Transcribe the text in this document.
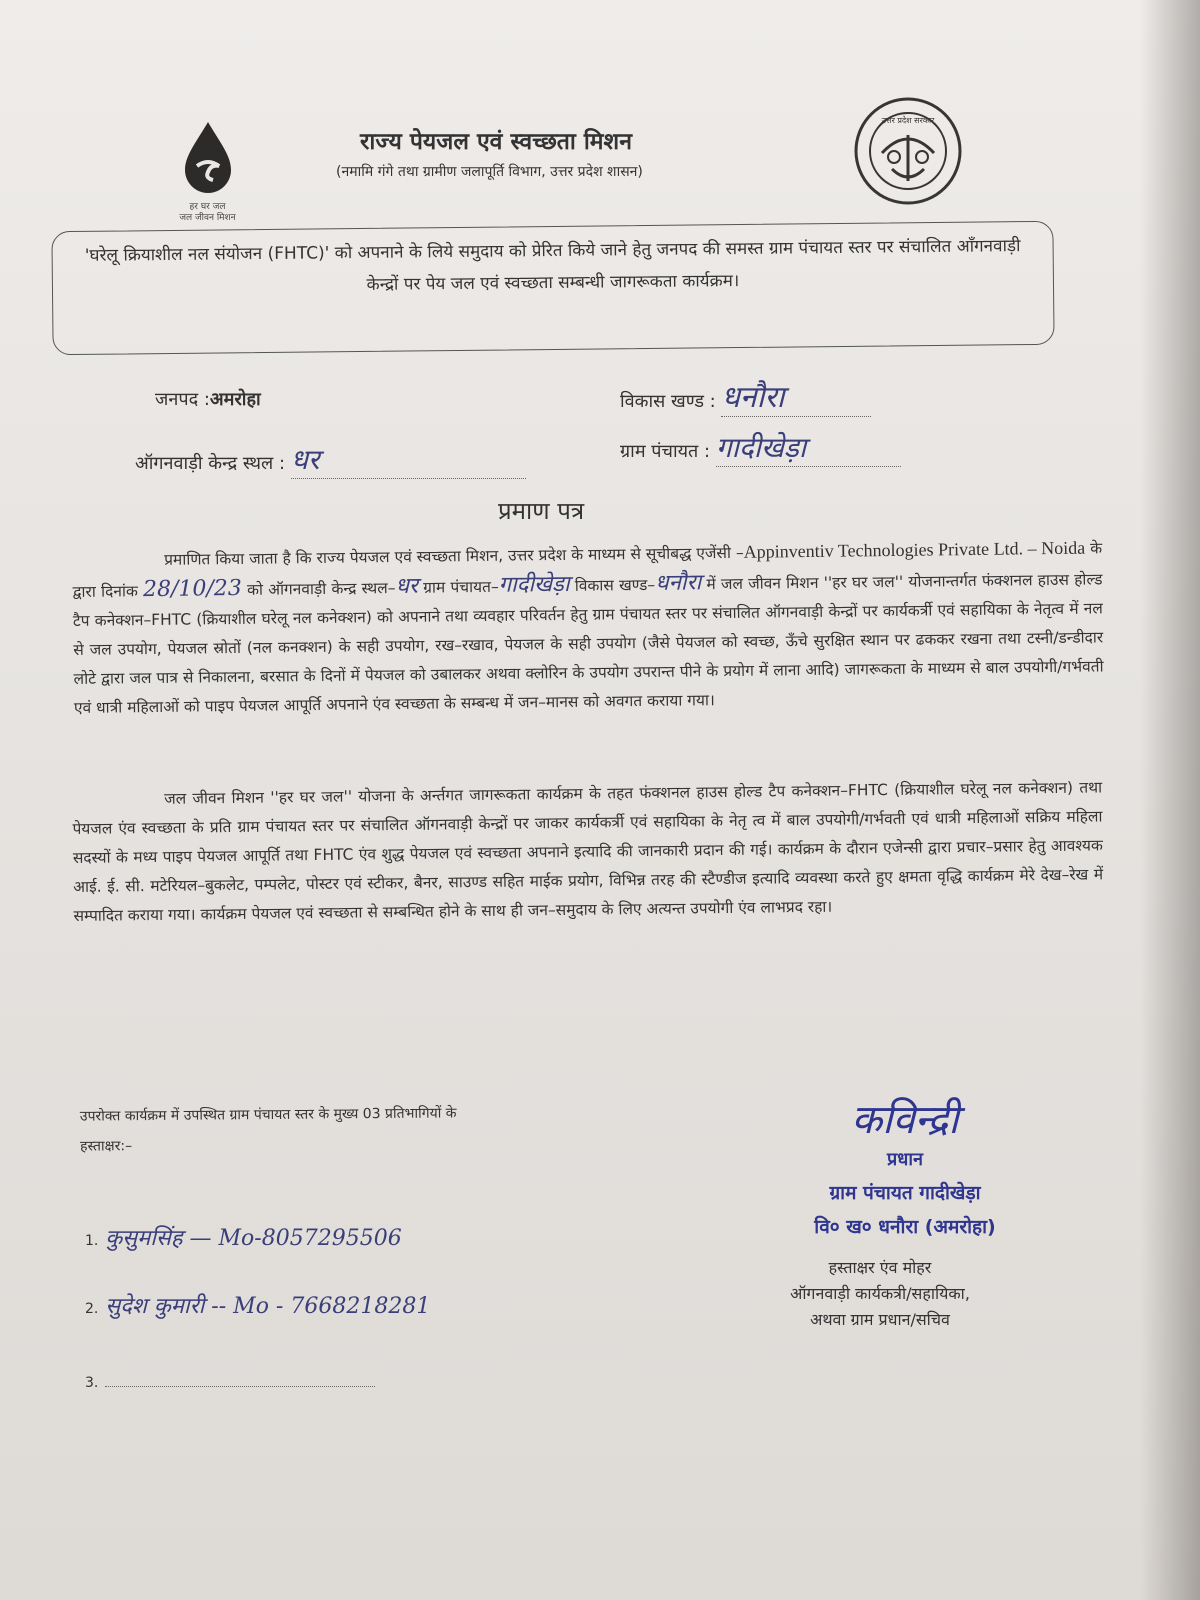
हर घर जल
जल जीवन मिशन
उत्तर प्रदेश सरकार
राज्य पेयजल एवं स्वच्छता मिशन
(नमामि गंगे तथा ग्रामीण जलापूर्ति विभाग, उत्तर प्रदेश शासन)
'घरेलू क्रियाशील नल संयोजन (FHTC)' को अपनाने के लिये समुदाय को प्रेरित किये जाने हेतु जनपद की समस्त ग्राम पंचायत स्तर पर संचालित आँगनवाड़ी केन्द्रों पर पेय जल एवं स्वच्छता सम्बन्धी जागरूकता कार्यक्रम।
जनपद :अमरोहा	विकास खण्ड : धनौरा
ऑगनवाड़ी केन्द्र स्थल : धर	ग्राम पंचायत : गादीखेड़ा
प्रमाण पत्र

प्रमाणित किया जाता है कि राज्य पेयजल एवं स्वच्छता मिशन, उत्तर प्रदेश के माध्यम से सूचीबद्ध एजेंसी –Appinventiv Technologies Private Ltd. – Noida के द्वारा दिनांक 28/10/23 को ऑगनवाड़ी केन्द्र स्थल–धर ग्राम पंचायत–गादीखेड़ा विकास खण्ड–धनौरा में जल जीवन मिशन ''हर घर जल'' योजनान्तर्गत फंक्शनल हाउस होल्ड टैप कनेक्शन–FHTC (क्रियाशील घरेलू नल कनेक्शन) को अपनाने तथा व्यवहार परिवर्तन हेतु ग्राम पंचायत स्तर पर संचालित ऑगनवाड़ी केन्द्रों पर कार्यकर्त्री एवं सहायिका के नेतृत्व में नल से जल उपयोग, पेयजल स्रोतों (नल कनक्शन) के सही उपयोग, रख–रखाव, पेयजल के सही उपयोग (जैसे पेयजल को स्वच्छ, ऊँचे सुरक्षित स्थान पर ढककर रखना तथा टस्नी/डन्डीदार लोटे द्वारा जल पात्र से निकालना, बरसात के दिनों में पेयजल को उबालकर अथवा क्लोरिन के उपयोग उपरान्त पीने के प्रयोग में लाना आदि) जागरूकता के माध्यम से बाल उपयोगी/गर्भवती एवं धात्री महिलाओं को पाइप पेयजल आपूर्ति अपनाने एंव स्वच्छता के सम्बन्ध में जन–मानस को अवगत कराया गया।

जल जीवन मिशन ''हर घर जल'' योजना के अर्न्तगत जागरूकता कार्यक्रम के तहत फंक्शनल हाउस होल्ड टैप कनेक्शन–FHTC (क्रियाशील घरेलू नल कनेक्शन) तथा पेयजल एंव स्वच्छता के प्रति ग्राम पंचायत स्तर पर संचालित ऑगनवाड़ी केन्द्रों पर जाकर कार्यकर्त्री एवं सहायिका के नेतृ त्व में बाल उपयोगी/गर्भवती एवं धात्री महिलाओं सक्रिय महिला सदस्यों के मध्य पाइप पेयजल आपूर्ति तथा FHTC एंव शुद्ध पेयजल एवं स्वच्छता अपनाने इत्यादि की जानकारी प्रदान की गई। कार्यक्रम के दौरान एजेन्सी द्वारा प्रचार–प्रसार हेतु आवश्यक आई. ई. सी. मटेरियल–बुकलेट, पम्पलेट, पोस्टर एवं स्टीकर, बैनर, साउण्ड सहित माईक प्रयोग, विभिन्न तरह की स्टैण्डीज इत्यादि व्यवस्था करते हुए क्षमता वृद्धि कार्यक्रम मेरे देख–रेख में सम्पादित कराया गया। कार्यक्रम पेयजल एवं स्वच्छता से सम्बन्धित होने के साथ ही जन–समुदाय के लिए अत्यन्त उपयोगी एंव लाभप्रद रहा।

उपरोक्त कार्यक्रम में उपस्थित ग्राम पंचायत स्तर के मुख्य 03 प्रतिभागियों के
हस्ताक्षर:–
1. कुसुमसिंह — Mo-8057295506
2. सुदेश कुमारी -- Mo - 7668218281
3.
कविन्द्री
प्रधान
ग्राम पंचायत गादीखेड़ा
वि० ख० धनौरा (अमरोहा)
हस्ताक्षर एंव मोहर
ऑगनवाड़ी कार्यकत्री/सहायिका,
अथवा ग्राम प्रधान/सचिव
